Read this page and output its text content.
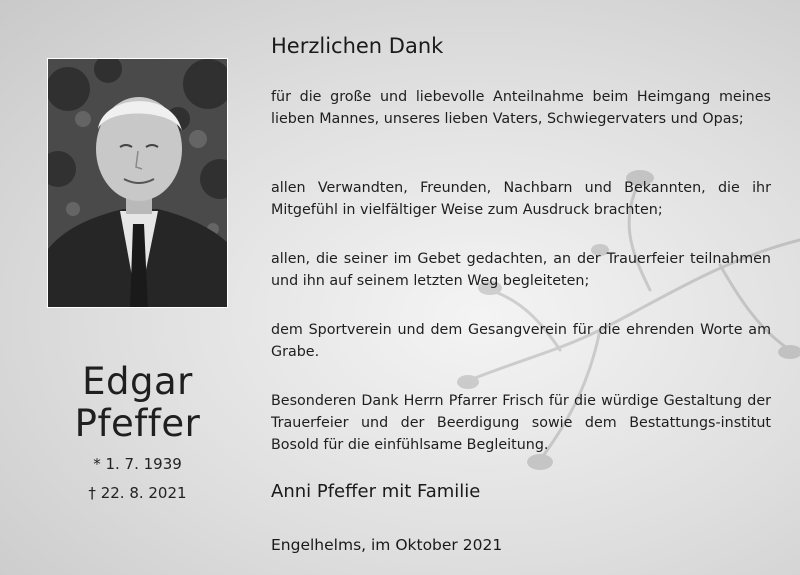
Edgar
Pfeffer
* 1. 7. 1939
† 22. 8. 2021
Herzlichen Dank

für die große und liebevolle Anteilnahme beim Heimgang meines lieben Mannes, unseres lieben Vaters, Schwiegervaters und Opas;

allen Verwandten, Freunden, Nachbarn und Bekannten, die ihr Mitgefühl in vielfältiger Weise zum Ausdruck brachten;

allen, die seiner im Gebet gedachten, an der Trauerfeier teilnahmen und ihn auf seinem letzten Weg begleiteten;

dem Sportverein und dem Gesangverein für die ehrenden Worte am Grabe.

Besonderen Dank Herrn Pfarrer Frisch für die würdige Gestaltung der Trauerfeier und der Beerdigung sowie dem Bestattungs-institut Bosold für die einfühlsame Begleitung.

Anni Pfeffer mit Familie
Engelhelms, im Oktober 2021
